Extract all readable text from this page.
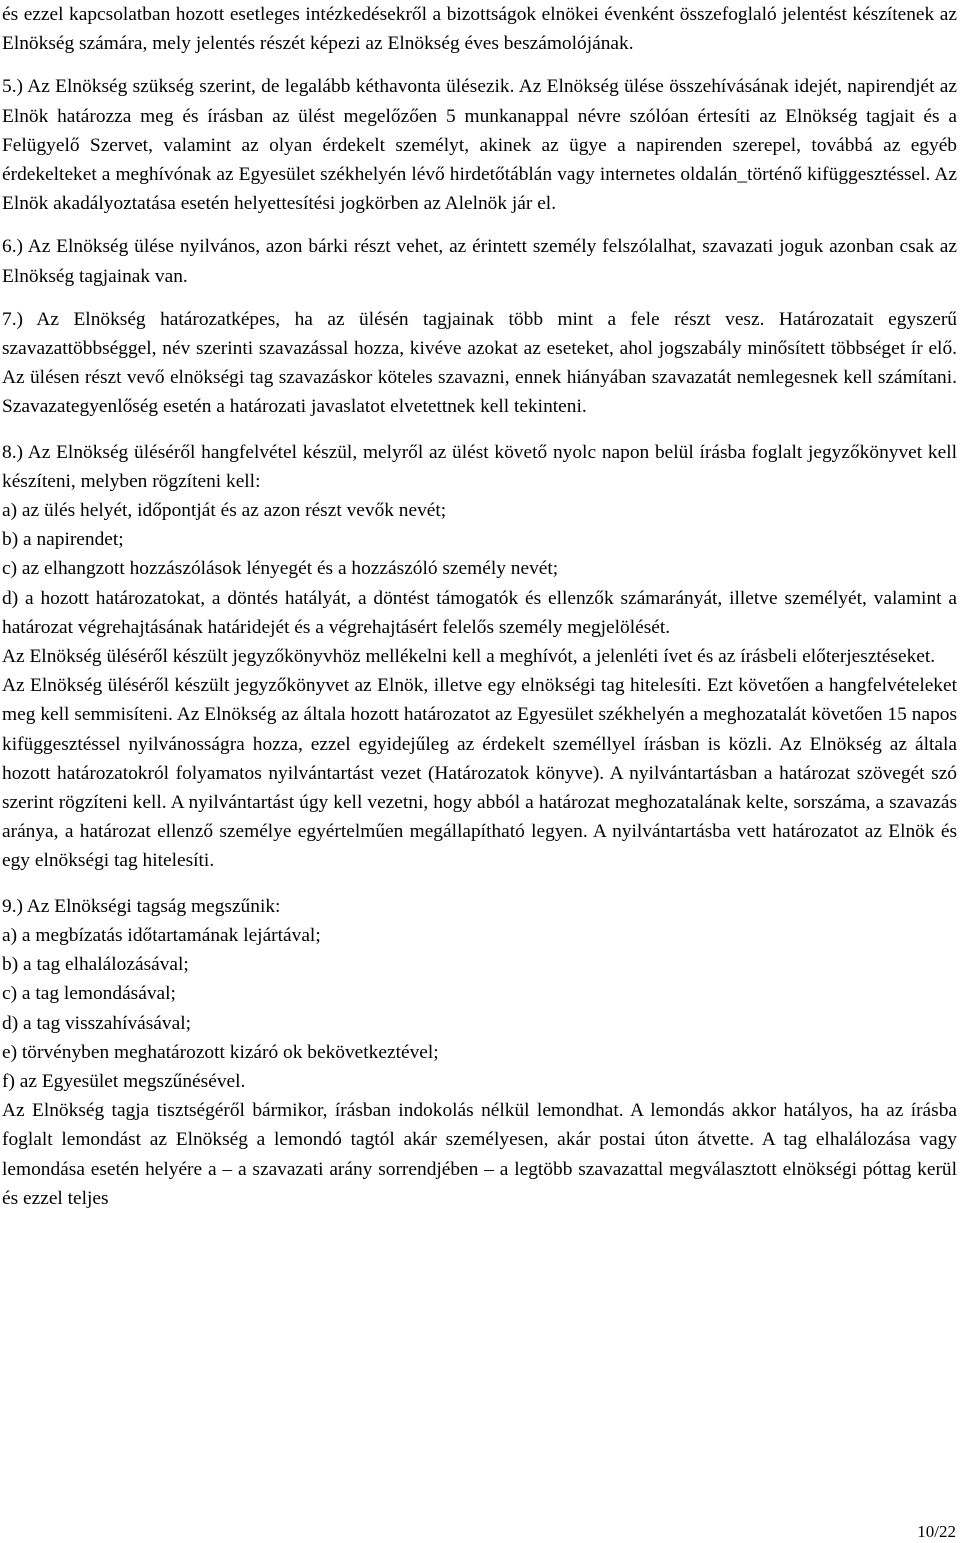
és ezzel kapcsolatban hozott esetleges intézkedésekről a bizottságok elnökei évenként összefoglaló jelentést készítenek az Elnökség számára, mely jelentés részét képezi az Elnökség éves beszámolójának.

5.) Az Elnökség szükség szerint, de legalább kéthavonta ülésezik. Az Elnökség ülése összehívásának idejét, napirendjét az Elnök határozza meg és írásban az ülést megelőzően 5 munkanappal névre szólóan értesíti az Elnökség tagjait és a Felügyelő Szervet, valamint az olyan érdekelt személyt, akinek az ügye a napirenden szerepel, továbbá az egyéb érdekelteket a meghívónak az Egyesület székhelyén lévő hirdetőtáblán vagy internetes oldalán_történő kifüggesztéssel. Az Elnök akadályoztatása esetén helyettesítési jogkörben az Alelnök jár el.

6.) Az Elnökség ülése nyilvános, azon bárki részt vehet, az érintett személy felszólalhat, szavazati joguk azonban csak az Elnökség tagjainak van.

7.) Az Elnökség határozatképes, ha az ülésén tagjainak több mint a fele részt vesz. Határozatait egyszerű szavazattöbbséggel, név szerinti szavazással hozza, kivéve azokat az eseteket, ahol jogszabály minősített többséget ír elő. Az ülésen részt vevő elnökségi tag szavazáskor köteles szavazni, ennek hiányában szavazatát nemlegesnek kell számítani. Szavazategyenlőség esetén a határozati javaslatot elvetettnek kell tekinteni.

8.) Az Elnökség üléséről hangfelvétel készül, melyről az ülést követő nyolc napon belül írásba foglalt jegyzőkönyvet kell készíteni, melyben rögzíteni kell:

a) az ülés helyét, időpontját és az azon részt vevők nevét;

b) a napirendet;

c) az elhangzott hozzászólások lényegét és a hozzászóló személy nevét;

d) a hozott határozatokat, a döntés hatályát, a döntést támogatók és ellenzők számarányát, illetve személyét, valamint a határozat végrehajtásának határidejét és a végrehajtásért felelős személy megjelölését.

Az Elnökség üléséről készült jegyzőkönyvhöz mellékelni kell a meghívót, a jelenléti ívet és az írásbeli előterjesztéseket.

Az Elnökség üléséről készült jegyzőkönyvet az Elnök, illetve egy elnökségi tag hitelesíti. Ezt követően a hangfelvételeket meg kell semmisíteni. Az Elnökség az általa hozott határozatot az Egyesület székhelyén a meghozatalát követően 15 napos kifüggesztéssel nyilvánosságra hozza, ezzel egyidejűleg az érdekelt személlyel írásban is közli. Az Elnökség az általa hozott határozatokról folyamatos nyilvántartást vezet (Határozatok könyve). A nyilvántartásban a határozat szövegét szó szerint rögzíteni kell. A nyilvántartást úgy kell vezetni, hogy abból a határozat meghozatalának kelte, sorszáma, a szavazás aránya, a határozat ellenző személye egyértelműen megállapítható legyen. A nyilvántartásba vett határozatot az Elnök és egy elnökségi tag hitelesíti.

9.) Az Elnökségi tagság megszűnik:

a) a megbízatás időtartamának lejártával;

b) a tag elhalálozásával;

c) a tag lemondásával;

d) a tag visszahívásával;

e) törvényben meghatározott kizáró ok bekövetkeztével;

f) az Egyesület megszűnésével.

Az Elnökség tagja tisztségéről bármikor, írásban indokolás nélkül lemondhat. A lemondás akkor hatályos, ha az írásba foglalt lemondást az Elnökség a lemondó tagtól akár személyesen, akár postai úton átvette. A tag elhalálozása vagy lemondása esetén helyére a – a szavazati arány sorrendjében – a legtöbb szavazattal megválasztott elnökségi póttag kerül és ezzel teljes

10/22
